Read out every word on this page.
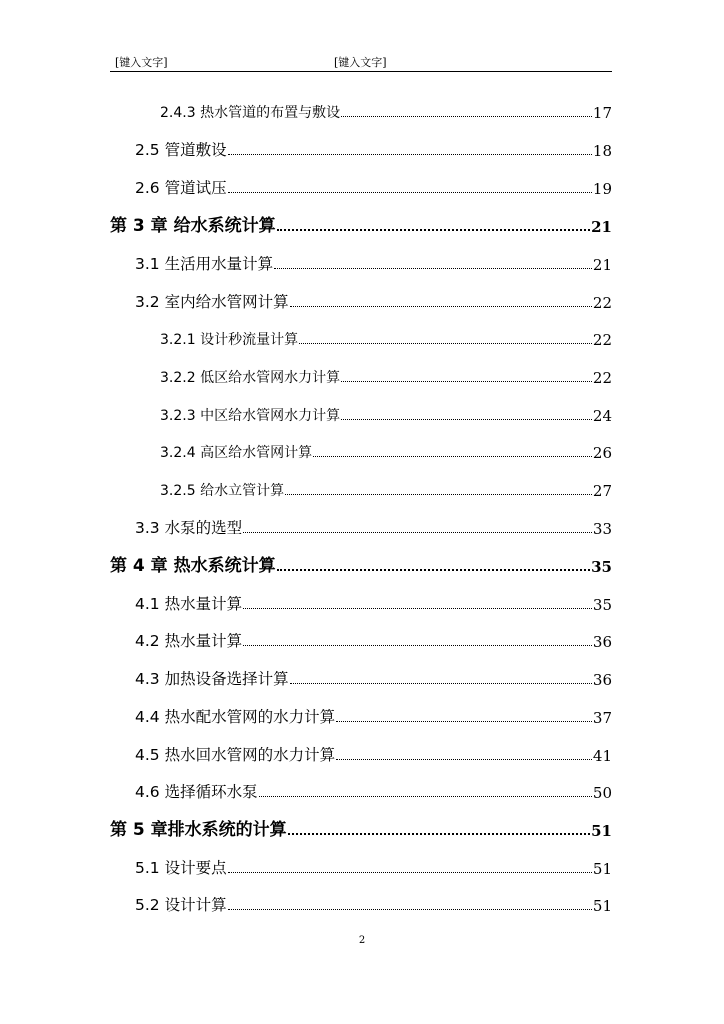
[键入文字]	[键入文字]
2.4.3 热水管道的布置与敷设	17
2.5 管道敷设	18
2.6 管道试压	19
第 3 章 给水系统计算	21
3.1 生活用水量计算	21
3.2 室内给水管网计算	22
3.2.1 设计秒流量计算	22
3.2.2 低区给水管网水力计算	22
3.2.3 中区给水管网水力计算	24
3.2.4 高区给水管网计算	26
3.2.5 给水立管计算	27
3.3 水泵的选型	33
第 4 章 热水系统计算	35
4.1 热水量计算	35
4.2 热水量计算	36
4.3 加热设备选择计算	36
4.4 热水配水管网的水力计算	37
4.5 热水回水管网的水力计算	41
4.6 选择循环水泵	50
第 5 章排水系统的计算	51
5.1 设计要点	51
5.2 设计计算	51
2
